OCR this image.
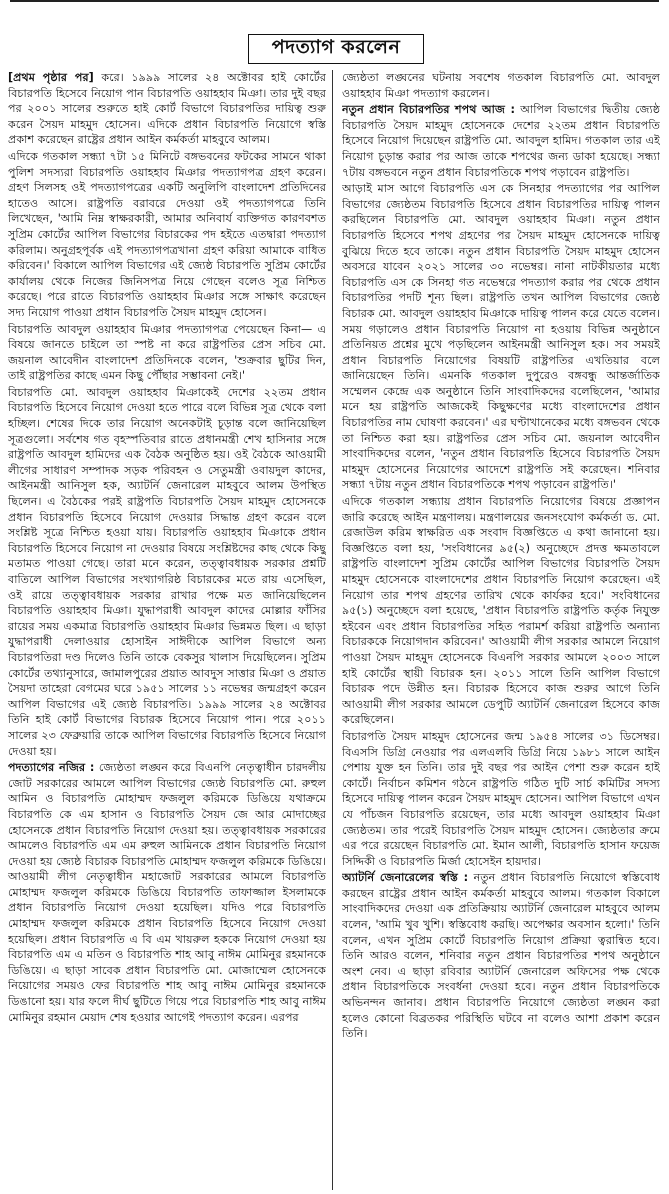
পদত্যাগ করলেন

[প্রথম পৃষ্ঠার পর] করে। ১৯৯৯ সালের ২৪ অক্টোবর হাই কোর্টের বিচারপতি হিসেবে নিয়োগ পান বিচারপতি ওয়াহহাব মিঞা। তার দুই বছর পর ২০০১ সালের শুরুতে হাই কোর্ট বিভাগে বিচারপতির দায়িত্ব শুরু করেন সৈয়দ মাহমুদ হোসেন। এদিকে প্রধান বিচারপতি নিয়োগে স্বস্তি প্রকাশ করেছেন রাষ্ট্রের প্রধান আইন কর্মকর্তা মাহবুবে আলম।

এদিকে গতকাল সন্ধ্যা ৭টা ১৫ মিনিটে বঙ্গভবনের ফটকের সামনে থাকা পুলিশ সদস্যরা বিচারপতি ওয়াহহাব মিঞার পদত্যাগপত্র গ্রহণ করেন। গ্রহণ সিলসহ ওই পদত্যাগপত্রের একটি অনুলিপি বাংলাদেশ প্রতিদিনের হাতেও আসে। রাষ্ট্রপতি বরাবরে দেওয়া ওই পদত্যাগপত্রে তিনি লিখেছেন, 'আমি নিম্ন স্বাক্ষরকারী, আমার অনিবার্য ব্যক্তিগত কারণবশত সুপ্রিম কোর্টের আপিল বিভাগের বিচারকের পদ হইতে এতদ্বারা পদত্যাগ করিলাম। অনুগ্রহপূর্বক এই পদত্যাগপত্রখানা গ্রহণ করিয়া আমাকে বাধিত করিবেন।' বিকালে আপিল বিভাগের এই জ্যেষ্ঠ বিচারপতি সুপ্রিম কোর্টের কার্যালয় থেকে নিজের জিনিসপত্র নিয়ে গেছেন বলেও সূত্র নিশ্চিত করেছে। পরে রাতে বিচারপতি ওয়াহহাব মিঞার সঙ্গে সাক্ষাৎ করেছেন সদ্য নিয়োগ পাওয়া প্রধান বিচারপতি সৈয়দ মাহমুদ হোসেন।

বিচারপতি আবদুল ওয়াহহাব মিঞার পদত্যাগপত্র পেয়েছেন কিনা— এ বিষয়ে জানতে চাইলে তা স্পষ্ট না করে রাষ্ট্রপতির প্রেস সচিব মো. জয়নাল আবেদীন বাংলাদেশ প্রতিদিনকে বলেন, 'শুক্রবার ছুটির দিন, তাই রাষ্ট্রপতির কাছে এমন কিছু পৌঁছার সম্ভাবনা নেই।'

বিচারপতি মো. আবদুল ওয়াহহাব মিঞাকেই দেশের ২২তম প্রধান বিচারপতি হিসেবে নিয়োগ দেওয়া হতে পারে বলে বিভিন্ন সূত্র থেকে বলা হচ্ছিল। শেষের দিকে তার নিয়োগ অনেকটাই চূড়ান্ত বলে জানিয়েছিল সূত্রগুলো। সর্বশেষ গত বৃহস্পতিবার রাতে প্রধানমন্ত্রী শেখ হাসিনার সঙ্গে রাষ্ট্রপতি আবদুল হামিদের এক বৈঠক অনুষ্ঠিত হয়। ওই বৈঠকে আওয়ামী লীগের সাধারণ সম্পাদক সড়ক পরিবহন ও সেতুমন্ত্রী ওবায়দুল কাদের, আইনমন্ত্রী আনিসুল হক, অ্যাটর্নি জেনারেল মাহবুবে আলম উপস্থিত ছিলেন। এ বৈঠকের পরই রাষ্ট্রপতি বিচারপতি সৈয়দ মাহমুদ হোসেনকে প্রধান বিচারপতি হিসেবে নিয়োগ দেওয়ার সিদ্ধান্ত গ্রহণ করেন বলে সংশ্লিষ্ট সূত্রে নিশ্চিত হওয়া যায়। বিচারপতি ওয়াহহাব মিঞাকে প্রধান বিচারপতি হিসেবে নিয়োগ না দেওয়ার বিষয়ে সংশ্লিষ্টদের কাছ থেকে কিছু মতামত পাওয়া গেছে। তারা মনে করেন, তত্ত্বাবধায়ক সরকার প্রশ্নটি বাতিলে আপিল বিভাগের সংখ্যাগরিষ্ঠ বিচারকের মতে রায় এসেছিল, ওই রায়ে তত্ত্বাবধায়ক সরকার রাখার পক্ষে মত জানিয়েছিলেন বিচারপতি ওয়াহহাব মিঞা। যুদ্ধাপরাধী আবদুল কাদের মোল্লার ফাঁসির রায়ের সময় একমাত্র বিচারপতি ওয়াহহাব মিঞার ভিন্নমত ছিল। এ ছাড়া যুদ্ধাপরাধী দেলাওয়ার হোসাইন সাঈদীকে আপিল বিভাগে অন্য বিচারপতিরা দণ্ড দিলেও তিনি তাকে বেকসুর খালাস দিয়েছিলেন। সুপ্রিম কোর্টের তথ্যানুসারে, জামালপুরের প্রয়াত আবদুস সাত্তার মিঞা ও প্রয়াত সৈয়দা তাহেরা বেগমের ঘরে ১৯৫১ সালের ১১ নভেম্বর জন্মগ্রহণ করেন আপিল বিভাগের এই জ্যেষ্ঠ বিচারপতি। ১৯৯৯ সালের ২৪ অক্টোবর তিনি হাই কোর্ট বিভাগের বিচারক হিসেবে নিয়োগ পান। পরে ২০১১ সালের ২৩ ফেব্রুয়ারি তাকে আপিল বিভাগের বিচারপতি হিসেবে নিয়োগ দেওয়া হয়।

পদত্যাগের নজির : জ্যেষ্ঠতা লঙ্ঘন করে বিএনপি নেতৃত্বাধীন চারদলীয় জোট সরকারের আমলে আপিল বিভাগের জ্যেষ্ঠ বিচারপতি মো. রুহুল আমিন ও বিচারপতি মোহাম্মদ ফজলুল করিমকে ডিঙিয়ে যথাক্রমে বিচারপতি কে এম হাসান ও বিচারপতি সৈয়দ জে আর মোদাচ্ছের হোসেনকে প্রধান বিচারপতি নিয়োগ দেওয়া হয়। তত্ত্বাবধায়ক সরকারের আমলেও বিচারপতি এম এম রুহুল আমিনকে প্রধান বিচারপতি নিয়োগ দেওয়া হয় জ্যেষ্ঠ বিচারক বিচারপতি মোহাম্মদ ফজলুল করিমকে ডিঙিয়ে। আওয়ামী লীগ নেতৃত্বাধীন মহাজোট সরকারের আমলে বিচারপতি মোহাম্মদ ফজলুল করিমকে ডিঙিয়ে বিচারপতি তাফাজ্জাল ইসলামকে প্রধান বিচারপতি নিয়োগ দেওয়া হয়েছিল। যদিও পরে বিচারপতি মোহাম্মদ ফজলুল করিমকে প্রধান বিচারপতি হিসেবে নিয়োগ দেওয়া হয়েছিল। প্রধান বিচারপতি এ বি এম খায়রুল হককে নিয়োগ দেওয়া হয় বিচারপতি এম এ মতিন ও বিচারপতি শাহ আবু নাঈম মোমিনুর রহমানকে ডিঙিয়ে। এ ছাড়া সাবেক প্রধান বিচারপতি মো. মোজাম্মেল হোসেনকে নিয়োগের সময়ও ফের বিচারপতি শাহ আবু নাঈম মোমিনুর রহমানকে ডিঙানো হয়। যার ফলে দীর্ঘ ছুটিতে গিয়ে পরে বিচারপতি শাহ আবু নাঈম মোমিনুর রহমান মেয়াদ শেষ হওয়ার আগেই পদত্যাগ করেন। এরপর

জ্যেষ্ঠতা লঙ্ঘনের ঘটনায় সবশেষ গতকাল বিচারপতি মো. আবদুল ওয়াহহাব মিঞা পদত্যাগ করলেন।

নতুন প্রধান বিচারপতির শপথ আজ : আপিল বিভাগের দ্বিতীয় জ্যেষ্ঠ বিচারপতি সৈয়দ মাহমুদ হোসেনকে দেশের ২২তম প্রধান বিচারপতি হিসেবে নিয়োগ দিয়েছেন রাষ্ট্রপতি মো. আবদুল হামিদ। গতকাল তার এই নিয়োগ চূড়ান্ত করার পর আজ তাকে শপথের জন্য ডাকা হয়েছে। সন্ধ্যা ৭টায় বঙ্গভবনে নতুন প্রধান বিচারপতিকে শপথ পড়াবেন রাষ্ট্রপতি।

আড়াই মাস আগে বিচারপতি এস কে সিনহার পদত্যাগের পর আপিল বিভাগের জ্যেষ্ঠতম বিচারপতি হিসেবে প্রধান বিচারপতির দায়িত্ব পালন করছিলেন বিচারপতি মো. আবদুল ওয়াহহাব মিঞা। নতুন প্রধান বিচারপতি হিসেবে শপথ গ্রহণের পর সৈয়দ মাহমুদ হোসেনকে দায়িত্ব বুঝিয়ে দিতে হবে তাকে। নতুন প্রধান বিচারপতি সৈয়দ মাহমুদ হোসেন অবসরে যাবেন ২০২১ সালের ৩০ নভেম্বর। নানা নাটকীয়তার মধ্যে বিচারপতি এস কে সিনহা গত নভেম্বরে পদত্যাগ করার পর থেকে প্রধান বিচারপতির পদটি শূন্য ছিল। রাষ্ট্রপতি তখন আপিল বিভাগের জ্যেষ্ঠ বিচারক মো. আবদুল ওয়াহহাব মিঞাকে দায়িত্ব পালন করে যেতে বলেন। সময় গড়ালেও প্রধান বিচারপতি নিয়োগ না হওয়ায় বিভিন্ন অনুষ্ঠানে প্রতিনিয়ত প্রশ্নের মুখে পড়ছিলেন আইনমন্ত্রী আনিসুল হক। সব সময়ই প্রধান বিচারপতি নিয়োগের বিষয়টি রাষ্ট্রপতির এখতিয়ার বলে জানিয়েছেন তিনি। এমনকি গতকাল দুপুরেও বঙ্গবন্ধু আন্তর্জাতিক সম্মেলন কেন্দ্রে এক অনুষ্ঠানে তিনি সাংবাদিকদের বলেছিলেন, 'আমার মনে হয় রাষ্ট্রপতি আজকেই কিছুক্ষণের মধ্যে বাংলাদেশের প্রধান বিচারপতির নাম ঘোষণা করবেন।' এর ঘণ্টাখানেকের মধ্যে বঙ্গভবন থেকে তা নিশ্চিত করা হয়। রাষ্ট্রপতির প্রেস সচিব মো. জয়নাল আবেদীন সাংবাদিকদের বলেন, 'নতুন প্রধান বিচারপতি হিসেবে বিচারপতি সৈয়দ মাহমুদ হোসেনের নিয়োগের আদেশে রাষ্ট্রপতি সই করেছেন। শনিবার সন্ধ্যা ৭টায় নতুন প্রধান বিচারপতিকে শপথ পড়াবেন রাষ্ট্রপতি।'

এদিকে গতকাল সন্ধ্যায় প্রধান বিচারপতি নিয়োগের বিষয়ে প্রজ্ঞাপন জারি করেছে আইন মন্ত্রণালয়। মন্ত্রণালয়ের জনসংযোগ কর্মকর্তা ড. মো. রেজাউল করিম স্বাক্ষরিত এক সংবাদ বিজ্ঞপ্তিতে এ কথা জানানো হয়। বিজ্ঞপ্তিতে বলা হয়, 'সংবিধানের ৯৫(২) অনুচ্ছেদে প্রদত্ত ক্ষমতাবলে রাষ্ট্রপতি বাংলাদেশ সুপ্রিম কোর্টের আপিল বিভাগের বিচারপতি সৈয়দ মাহমুদ হোসেনকে বাংলাদেশের প্রধান বিচারপতি নিয়োগ করেছেন। এই নিয়োগ তার শপথ গ্রহণের তারিখ থেকে কার্যকর হবে।' সংবিধানের ৯৫(১) অনুচ্ছেদে বলা হয়েছে, 'প্রধান বিচারপতি রাষ্ট্রপতি কর্তৃক নিযুক্ত হইবেন এবং প্রধান বিচারপতির সহিত পরামর্শ করিয়া রাষ্ট্রপতি অন্যান্য বিচারককে নিয়োগদান করিবেন।' আওয়ামী লীগ সরকার আমলে নিয়োগ পাওয়া সৈয়দ মাহমুদ হোসেনকে বিএনপি সরকার আমলে ২০০৩ সালে হাই কোর্টের স্থায়ী বিচারক হন। ২০১১ সালে তিনি আপিল বিভাগে বিচারক পদে উন্নীত হন। বিচারক হিসেবে কাজ শুরুর আগে তিনি আওয়ামী লীগ সরকার আমলে ডেপুটি অ্যাটর্নি জেনারেল হিসেবে কাজ করেছিলেন।

বিচারপতি সৈয়দ মাহমুদ হোসেনের জন্ম ১৯৫৪ সালের ৩১ ডিসেম্বর। বিএসসি ডিগ্রি নেওয়ার পর এলএলবি ডিগ্রি নিয়ে ১৯৮১ সালে আইন পেশায় যুক্ত হন তিনি। তার দুই বছর পর আইন পেশা শুরু করেন হাই কোর্টে। নির্বাচন কমিশন গঠনে রাষ্ট্রপতি গঠিত দুটি সার্চ কমিটির সদস্য হিসেবে দায়িত্ব পালন করেন সৈয়দ মাহমুদ হোসেন। আপিল বিভাগে এখন যে পাঁচজন বিচারপতি রয়েছেন, তার মধ্যে আবদুল ওয়াহহাব মিঞা জ্যেষ্ঠতম। তার পরেই বিচারপতি সৈয়দ মাহমুদ হোসেন। জ্যেষ্ঠতার ক্রমে এর পরে রয়েছেন বিচারপতি মো. ইমান আলী, বিচারপতি হাসান ফয়েজ সিদ্দিকী ও বিচারপতি মির্জা হোসেইন হায়দার।

অ্যাটর্নি জেনারেলের স্বস্তি : নতুন প্রধান বিচারপতি নিয়োগে স্বস্তিবোধ করছেন রাষ্ট্রের প্রধান আইন কর্মকর্তা মাহবুবে আলম। গতকাল বিকালে সাংবাদিকদের দেওয়া এক প্রতিক্রিয়ায় অ্যাটর্নি জেনারেল মাহবুবে আলম বলেন, 'আমি খুব খুশি। স্বস্তিবোধ করছি। অপেক্ষার অবসান হলো।' তিনি বলেন, এখন সুপ্রিম কোর্টে বিচারপতি নিয়োগ প্রক্রিয়া ত্বরান্বিত হবে। তিনি আরও বলেন, শনিবার নতুন প্রধান বিচারপতির শপথ অনুষ্ঠানে অংশ নেব। এ ছাড়া রবিবার অ্যাটর্নি জেনারেল অফিসের পক্ষ থেকে প্রধান বিচারপতিকে সংবর্ধনা দেওয়া হবে। নতুন প্রধান বিচারপতিকে অভিনন্দন জানাব। প্রধান বিচারপতি নিয়োগে জ্যেষ্ঠতা লঙ্ঘন করা হলেও কোনো বিব্রতকর পরিস্থিতি ঘটবে না বলেও আশা প্রকাশ করেন তিনি।
